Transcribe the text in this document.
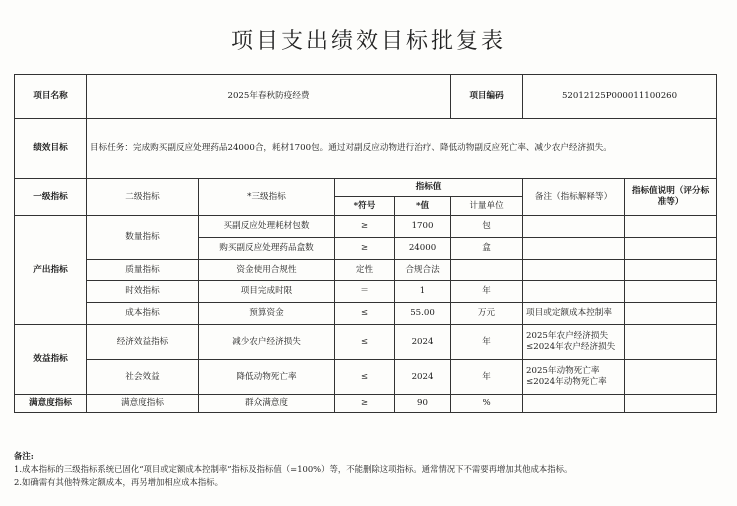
项目支出绩效目标批复表
项目名称	2025年春秋防疫经费				项目编码	52012125P000011100260	
绩效目标	目标任务：完成购买副反应处理药品24000合，耗材1700包。通过对副反应动物进行治疗、降低动物副反应死亡率、减少农户经济损失。						
一级指标	二级指标	*三级指标	指标值			备注（指标解释等）	指标值说明（评分标准等）
			*符号	*值	计量单位		
产出指标	数量指标	买副反应处理耗材包数	≥	1700	包		
		购买副反应处理药品盒数	≥	24000	盒		
	质量指标	资金使用合规性	定性	合规合法			
	时效指标	项目完成时限	＝	1	年		
	成本指标	预算资金	≤	55.00	万元	项目或定额成本控制率	
效益指标	经济效益指标	减少农户经济损失	≤	2024	年	2025年农户经济损失≤2024年农户经济损失	
	社会效益	降低动物死亡率	≤	2024	年	2025年动物死亡率≤2024年动物死亡率	
满意度指标	满意度指标	群众满意度	≥	90	%		
备注:
1.成本指标的三级指标系统已固化“项目或定额成本控制率”指标及指标值（=100%）等，不能删除这项指标。通常情况下不需要再增加其他成本指标。
2.如确需有其他特殊定额成本，再另增加相应成本指标。
